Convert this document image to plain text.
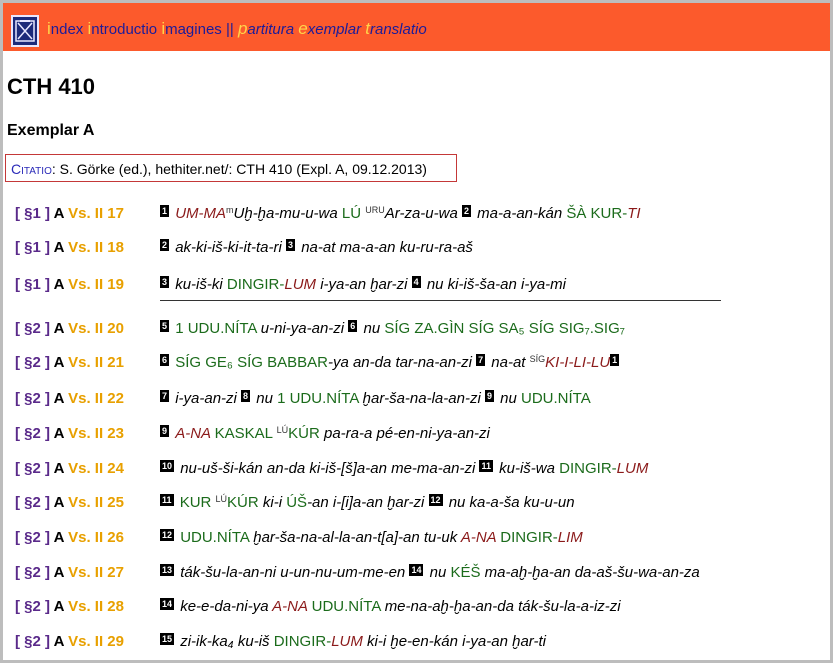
index introductio imagines || partitura exemplar translatio
CTH 410
Exemplar A
Citatio: S. Görke (ed.), hethiter.net/: CTH 410 (Expl. A, 09.12.2013)
[ §1 ] A Vs. II 17	1 $UM-MA^mUḫ-ḫa-mu-u-wa$ LÚ $^{URU}$Ar-za-u-wa 2 ma-a-an-kán ŠÀ KUR-TI
[ §1 ] A Vs. II 18	2 ak-ki-iš-ki-it-ta-ri 3 na-at ma-a-an ku-ru-ra-aš
[ §1 ] A Vs. II 19	3 ku-iš-ki DINGIR-LUM i-ya-an ḫar-zi 4 nu ki-iš-ša-an i-ya-mi
[ §2 ] A Vs. II 20	5 1 UDU.NÍTA u-ni-ya-an-zi 6 nu SÍG ZA.GÌN SÍG SA₅ SÍG SIG₇.SIG₇
[ §2 ] A Vs. II 21	6 SÍG GE₆ SÍG BABBAR-ya an-da tar-na-an-zi 7 na-at $^{SÍG}$KI-I-LI-LU 1
[ §2 ] A Vs. II 22	7 i-ya-an-zi 8 nu 1 UDU.NÍTA ḫar-ša-na-la-an-zi 9 nu UDU.NÍTA
[ §2 ] A Vs. II 23	9 A-NA KASKAL $^{LÚ}$KÚR pa-ra-a pé-en-ni-ya-an-zi
[ §2 ] A Vs. II 24	10 nu-uš-ši-kán an-da ki-iš-[š]a-an me-ma-an-zi 11 ku-iš-wa DINGIR-LUM
[ §2 ] A Vs. II 25	11 KUR $^{LÚ}$KÚR ki-i ÚŠ-an i-[i]a-an ḫar-zi 12 nu ka-a-ša ku-u-un
[ §2 ] A Vs. II 26	12 UDU.NÍTA ḫar-ša-na-al-la-an-t[a]-an tu-uk A-NA DINGIR-LIM
[ §2 ] A Vs. II 27	13 ták-šu-la-an-ni u-un-nu-um-me-en 14 nu KÉŠ ma-aḫ-ḫa-an da-aš-šu-wa-an-za
[ §2 ] A Vs. II 28	14 ke-e-da-ni-ya A-NA UDU.NÍTA me-na-aḫ-ḫa-an-da ták-šu-la-a-iz-zi
[ §2 ] A Vs. II 29	15 zi-ik-ka₄ ku-iš DINGIR-LUM ki-i ḫe-en-kán i-ya-an ḫar-ti
